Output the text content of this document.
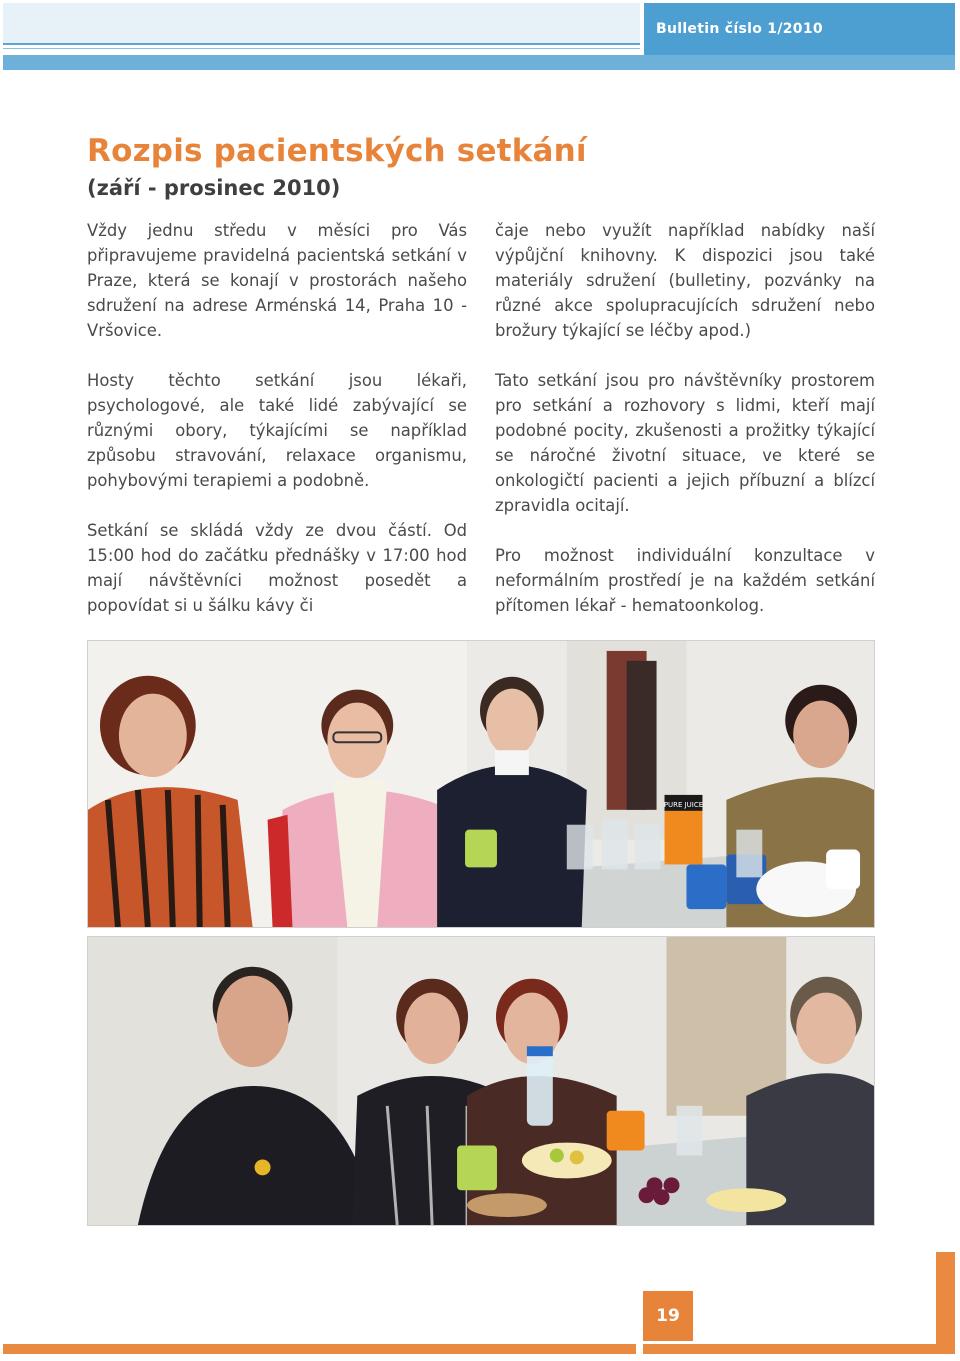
Bulletin číslo 1/2010
Rozpis pacientských setkání
(září - prosinec 2010)

Vždy jednu středu v měsíci pro Vás připravujeme pravidelná pacientská setkání v Praze, která se konají v prostorách našeho sdružení na adrese Arménská 14, Praha 10 - Vršovice.

Hosty těchto setkání jsou lékaři, psychologové, ale také lidé zabývající se různými obory, týkajícími se například způsobu stravování, relaxace organismu, pohybovými terapiemi a podobně.

Setkání se skládá vždy ze dvou částí. Od 15:00 hod do začátku přednášky v 17:00 hod mají návštěvníci možnost posedět a popovídat si u šálku kávy či

čaje nebo využít například nabídky naší výpůjční knihovny. K dispozici jsou také materiály sdružení (bulletiny, pozvánky na různé akce spolupracujících sdružení nebo brožury týkající se léčby apod.)

Tato setkání jsou pro návštěvníky prostorem pro setkání a rozhovory s lidmi, kteří mají podobné pocity, zkušenosti a prožitky týkající se náročné životní situace, ve které se onkologičtí pacienti a jejich příbuzní a blízcí zpravidla ocitají.

Pro možnost individuální konzultace v neformálním prostředí je na každém setkání přítomen lékař - hematoonkolog.

PURE JUICE
19
